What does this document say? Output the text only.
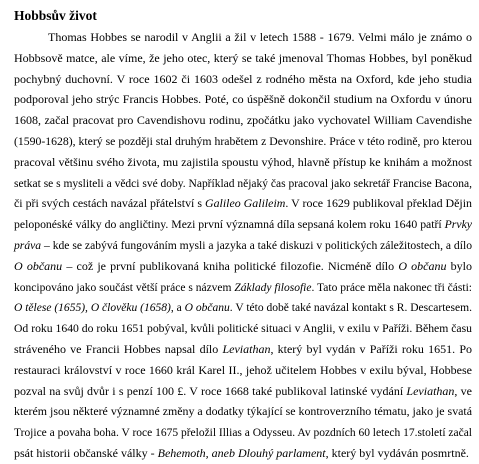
Hobbsův život
Thomas Hobbes se narodil v Anglii a žil v letech 1588 - 1679. Velmi málo je známo o
Hobbsově matce, ale víme, že jeho otec, který se také jmenoval Thomas Hobbes, byl poněkud
pochybný duchovní. V roce 1602 či 1603 odešel z rodného města na Oxford, kde jeho studia
podporoval jeho strýc Francis Hobbes. Poté, co úspěšně dokončil studium na Oxfordu v únoru
1608, začal pracovat pro Cavendishovu rodinu, zpočátku jako vychovatel William Cavendishe
(1590-1628), který se později stal druhým hrabětem z Devonshire. Práce v této rodině, pro kterou
pracoval většinu svého života, mu zajistila spoustu výhod, hlavně přístup ke knihám a možnost
setkat se s mysliteli a vědci své doby. Například nějaký čas pracoval jako sekretář Francise Bacona,
či při svých cestách navázal přátelství s Galileo Galileim. V roce 1629 publikoval překlad Dějin
peloponéské války do angličtiny. Mezi první významná díla sepsaná kolem roku 1640 patří Prvky
práva – kde se zabývá fungováním mysli a jazyka a také diskuzi v politických záležitostech, a dílo
O občanu – což je první publikovaná kniha politické filozofie. Nicméně dílo O občanu bylo
koncipováno jako součást větší práce s názvem Základy filosofie. Tato práce měla nakonec tři části:
O tělese (1655), O člověku (1658), a O občanu. V této době také navázal kontakt s R. Descartesem.
Od roku 1640 do roku 1651 pobýval, kvůli politické situaci v Anglii, v exilu v Paříži. Během času
stráveného ve Francii Hobbes napsal dílo Leviathan, který byl vydán v Paříži roku 1651. Po
restauraci království v roce 1660 král Karel II., jehož učitelem Hobbes v exilu býval, Hobbese
pozval na svůj dvůr i s penzí 100 £. V roce 1668 také publikoval latinské vydání Leviathan, ve
kterém jsou některé významné změny a dodatky týkající se kontroverzního tématu, jako je svatá
Trojice a povaha boha. V roce 1675 přeložil Illias a Odysseu. Av pozdních 60 letech 17.století začal
psát historii občanské války - Behemoth, aneb Dlouhý parlament, který byl vydáván posmrtně.
